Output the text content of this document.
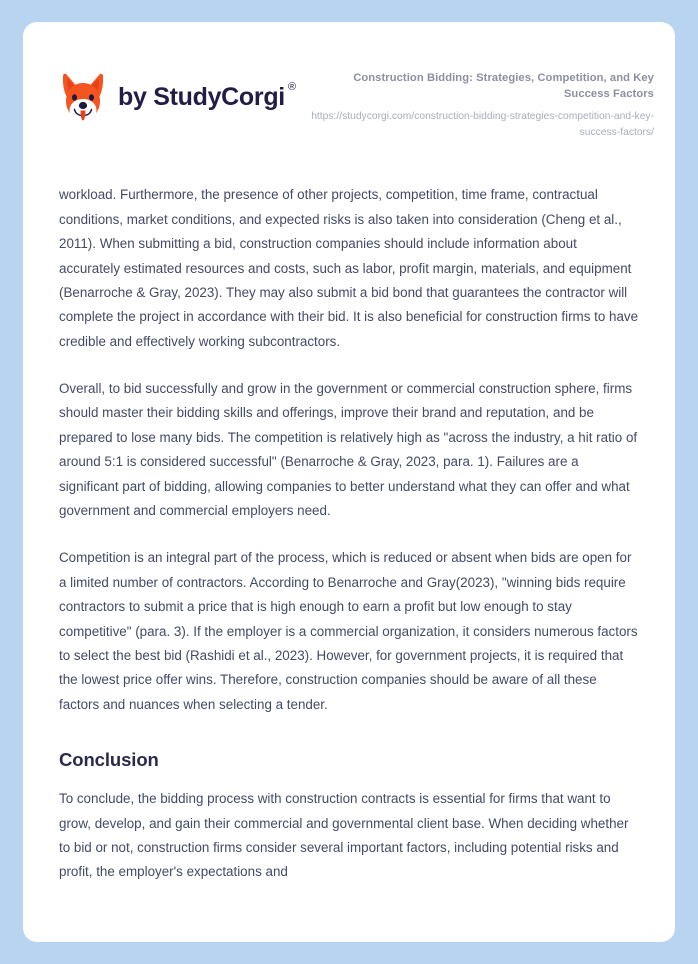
by StudyCorgi ®
Construction Bidding: Strategies, Competition, and Key Success Factors
https://studycorgi.com/construction-bidding-strategies-competition-and-key-success-factors/

workload. Furthermore, the presence of other projects, competition, time frame, contractual conditions, market conditions, and expected risks is also taken into consideration (Cheng et al., 2011). When submitting a bid, construction companies should include information about accurately estimated resources and costs, such as labor, profit margin, materials, and equipment (Benarroche & Gray, 2023). They may also submit a bid bond that guarantees the contractor will complete the project in accordance with their bid. It is also beneficial for construction firms to have credible and effectively working subcontractors.

Overall, to bid successfully and grow in the government or commercial construction sphere, firms should master their bidding skills and offerings, improve their brand and reputation, and be prepared to lose many bids. The competition is relatively high as "across the industry, a hit ratio of around 5:1 is considered successful" (Benarroche & Gray, 2023, para. 1). Failures are a significant part of bidding, allowing companies to better understand what they can offer and what government and commercial employers need.

Competition is an integral part of the process, which is reduced or absent when bids are open for a limited number of contractors. According to Benarroche and Gray(2023), "winning bids require contractors to submit a price that is high enough to earn a profit but low enough to stay competitive" (para. 3). If the employer is a commercial organization, it considers numerous factors to select the best bid (Rashidi et al., 2023). However, for government projects, it is required that the lowest price offer wins. Therefore, construction companies should be aware of all these factors and nuances when selecting a tender.

Conclusion

To conclude, the bidding process with construction contracts is essential for firms that want to grow, develop, and gain their commercial and governmental client base. When deciding whether to bid or not, construction firms consider several important factors, including potential risks and profit, the employer's expectations and
